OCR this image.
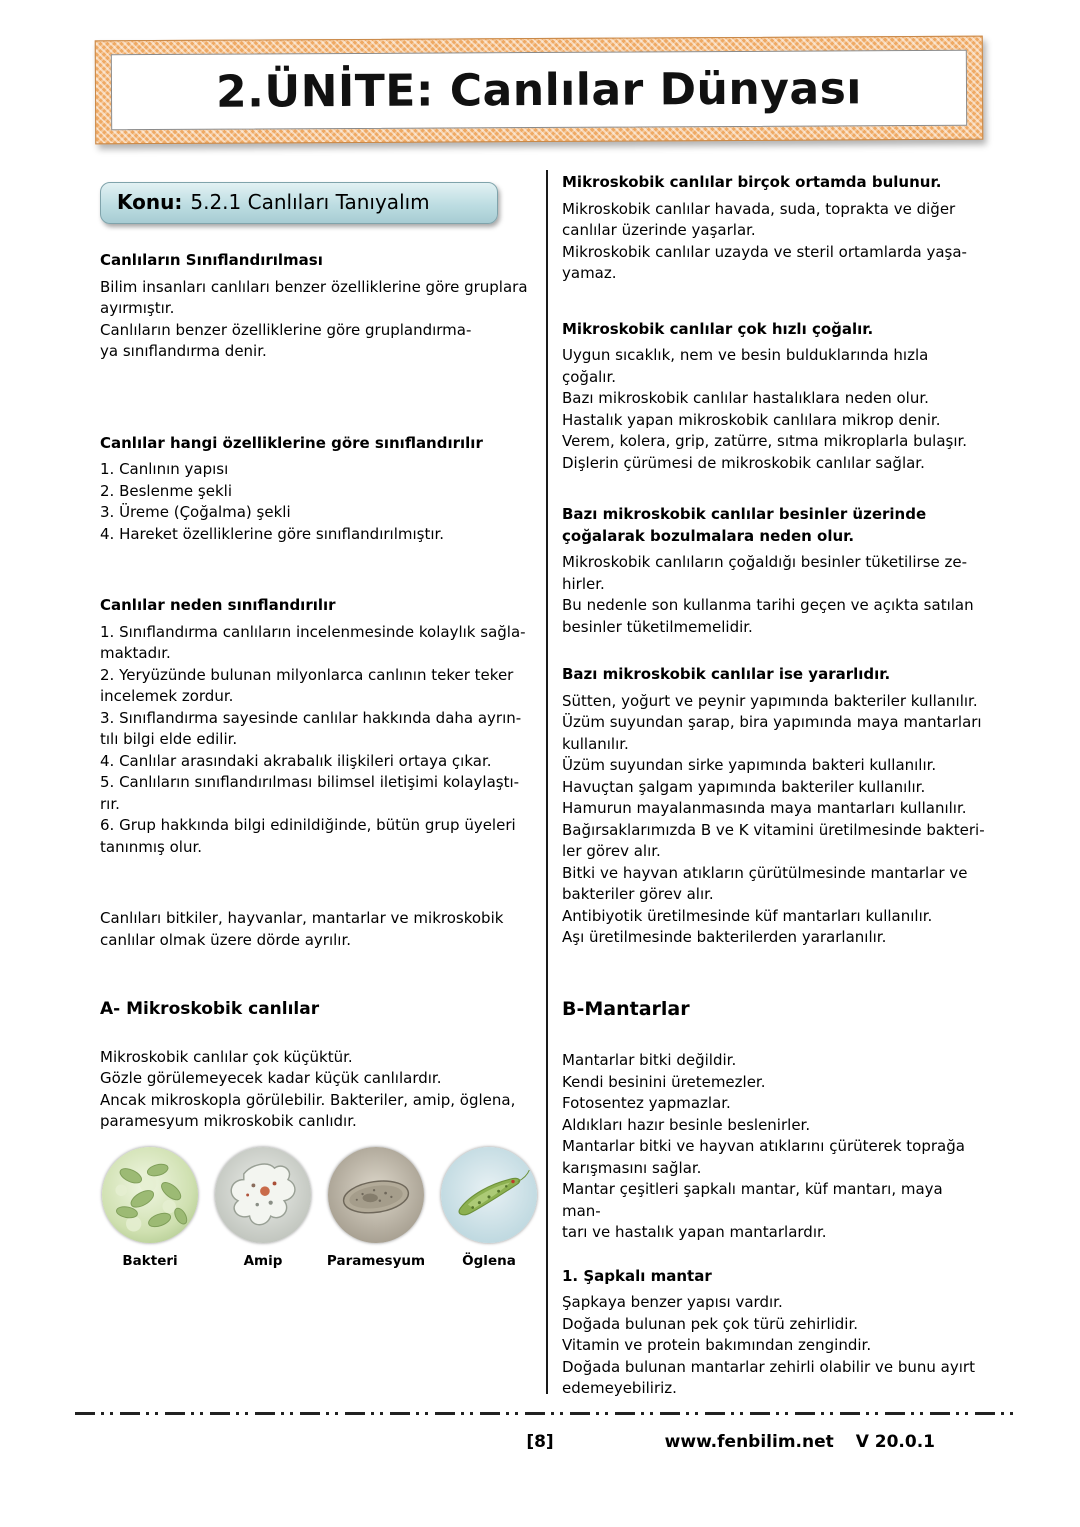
2.ÜNİTE: Canlılar Dünyası
Konu: 5.2.1 Canlıları Tanıyalım
Canlıların Sınıflandırılması
Bilim insanları canlıları benzer özelliklerine göre gruplara
ayırmıştır.
Canlıların benzer özelliklerine göre gruplandırma-
ya sınıflandırma denir.
Canlılar hangi özelliklerine göre sınıflandırılır
1. Canlının yapısı
2. Beslenme şekli
3. Üreme (Çoğalma) şekli
4. Hareket özelliklerine göre sınıflandırılmıştır.
Canlılar neden sınıflandırılır
1. Sınıflandırma canlıların incelenmesinde kolaylık sağla-
maktadır.
2. Yeryüzünde bulunan milyonlarca canlının teker teker
incelemek zordur.
3. Sınıflandırma sayesinde canlılar hakkında daha ayrın-
tılı bilgi elde edilir.
4. Canlılar arasındaki akrabalık ilişkileri ortaya çıkar.
5. Canlıların sınıflandırılması bilimsel iletişimi kolaylaştı-
rır.
6. Grup hakkında bilgi edinildiğinde, bütün grup üyeleri
tanınmış olur.
Canlıları bitkiler, hayvanlar, mantarlar ve mikroskobik
canlılar olmak üzere dörde ayrılır.
A- Mikroskobik canlılar
Mikroskobik canlılar çok küçüktür.
Gözle görülemeyecek kadar küçük canlılardır.
Ancak mikroskopla görülebilir. Bakteriler, amip, öglena,
paramesyum mikroskobik canlıdır.
Bakteri	Amip	Paramesyum	Öglena
Mikroskobik canlılar birçok ortamda bulunur.
Mikroskobik canlılar havada, suda, toprakta ve diğer
canlılar üzerinde yaşarlar.
Mikroskobik canlılar uzayda ve steril ortamlarda yaşa-
yamaz.
Mikroskobik canlılar çok hızlı çoğalır.
Uygun sıcaklık, nem ve besin bulduklarında hızla çoğalır.
Bazı mikroskobik canlılar hastalıklara neden olur.
Hastalık yapan mikroskobik canlılara mikrop denir.
Verem, kolera, grip, zatürre, sıtma mikroplarla bulaşır.
Dişlerin çürümesi de mikroskobik canlılar sağlar.
Bazı mikroskobik canlılar besinler üzerinde çoğalarak bozulmalara neden olur.
Mikroskobik canlıların çoğaldığı besinler tüketilirse ze-
hirler.
Bu nedenle son kullanma tarihi geçen ve açıkta satılan
besinler tüketilmemelidir.
Bazı mikroskobik canlılar ise yararlıdır.
Sütten, yoğurt ve peynir yapımında bakteriler kullanılır.
Üzüm suyundan şarap, bira yapımında maya mantarları
kullanılır.
Üzüm suyundan sirke yapımında bakteri kullanılır.
Havuçtan şalgam yapımında bakteriler kullanılır.
Hamurun mayalanmasında maya mantarları kullanılır.
Bağırsaklarımızda B ve K vitamini üretilmesinde bakteri-
ler görev alır.
Bitki ve hayvan atıkların çürütülmesinde mantarlar ve
bakteriler görev alır.
Antibiyotik üretilmesinde küf mantarları kullanılır.
Aşı üretilmesinde bakterilerden yararlanılır.
B-Mantarlar
Mantarlar bitki değildir.
Kendi besinini üretemezler.
Fotosentez yapmazlar.
Aldıkları hazır besinle beslenirler.
Mantarlar bitki ve hayvan atıklarını çürüterek toprağa
karışmasını sağlar.
Mantar çeşitleri şapkalı mantar, küf mantarı, maya man-
tarı ve hastalık yapan mantarlardır.
1. Şapkalı mantar
Şapkaya benzer yapısı vardır.
Doğada bulunan pek çok türü zehirlidir.
Vitamin ve protein bakımından zengindir.
Doğada bulunan mantarlar zehirli olabilir ve bunu ayırt
edemeyebiliriz.
[8]	www.fenbilim.net V 20.0.1
